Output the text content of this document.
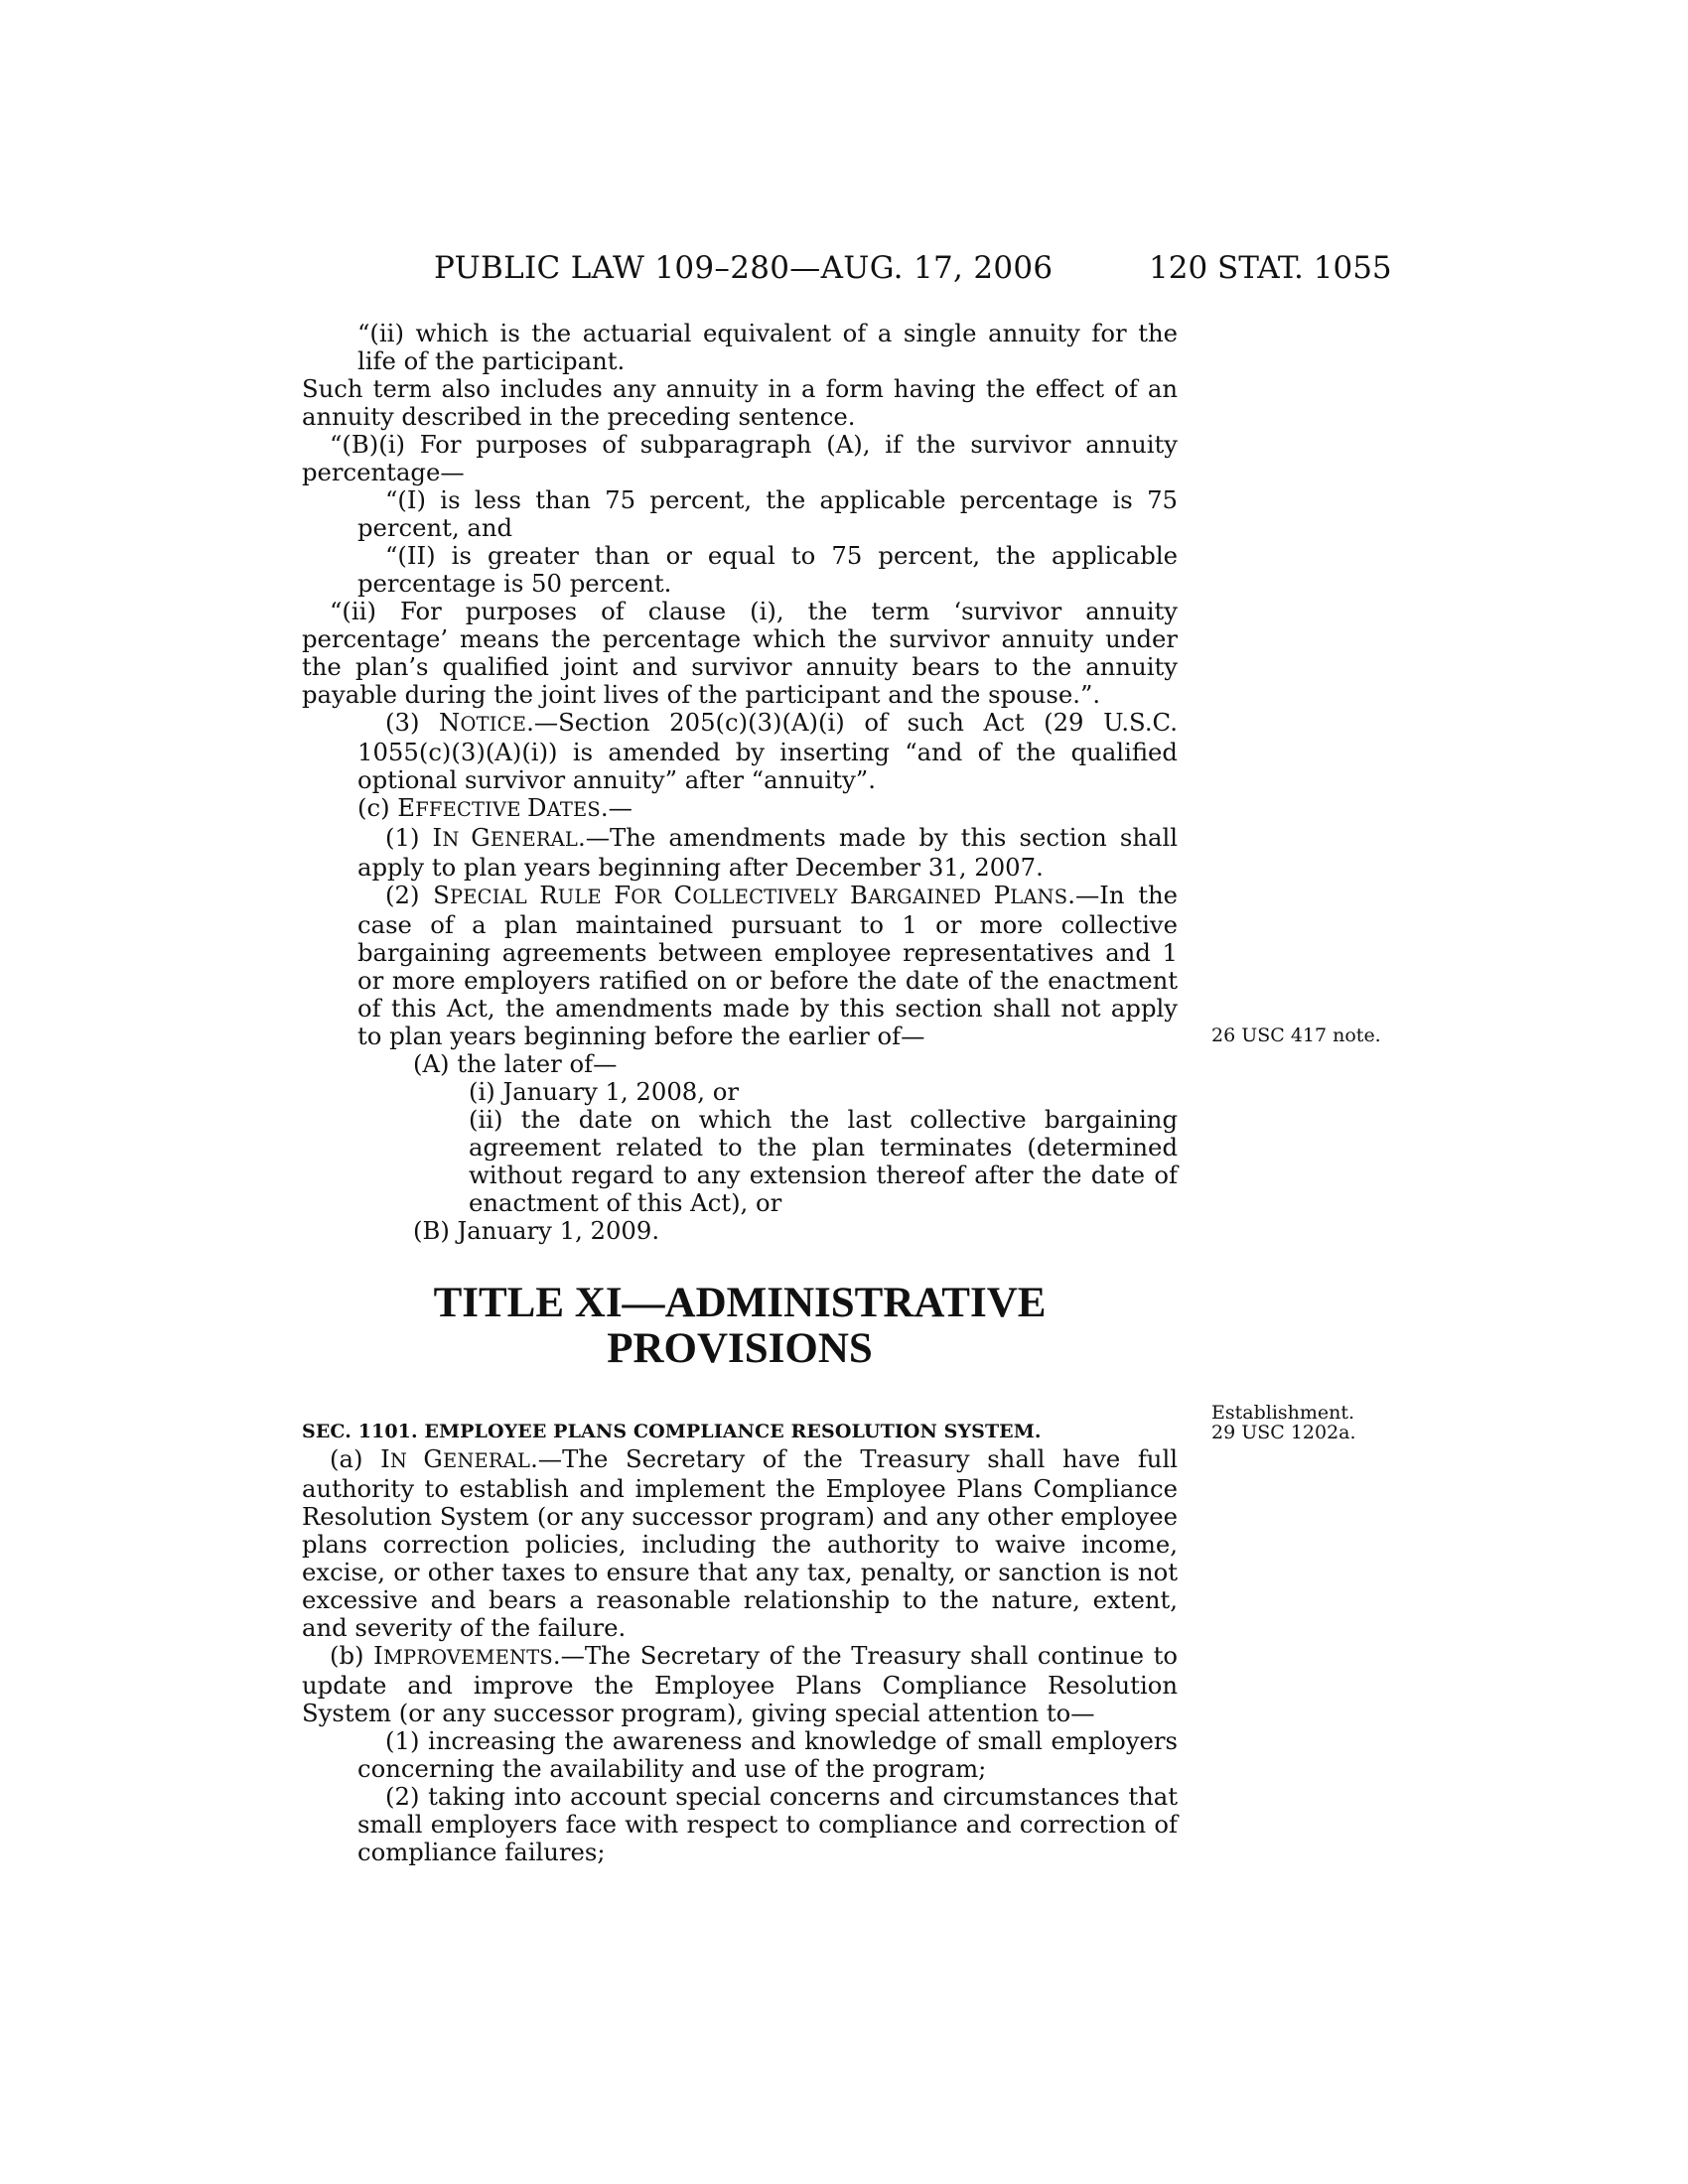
PUBLIC LAW 109–280—AUG. 17, 2006	120 STAT. 1055

“(ii) which is the actuarial equivalent of a single annuity for the life of the participant.

Such term also includes any annuity in a form having the effect of an annuity described in the preceding sentence.

“(B)(i) For purposes of subparagraph (A), if the survivor annuity percentage—

“(I) is less than 75 percent, the applicable percentage is 75 percent, and

“(II) is greater than or equal to 75 percent, the applicable percentage is 50 percent.

“(ii) For purposes of clause (i), the term ‘survivor annuity percentage’ means the percentage which the survivor annuity under the plan’s qualified joint and survivor annuity bears to the annuity payable during the joint lives of the participant and the spouse.”.

(3) NOTICE.—Section 205(c)(3)(A)(i) of such Act (29 U.S.C. 1055(c)(3)(A)(i)) is amended by inserting “and of the qualified optional survivor annuity” after “annuity”.

(c) EFFECTIVE DATES.—

(1) IN GENERAL.—The amendments made by this section shall apply to plan years beginning after December 31, 2007.

(2) SPECIAL RULE FOR COLLECTIVELY BARGAINED PLANS.—In the case of a plan maintained pursuant to 1 or more collective bargaining agreements between employee representatives and 1 or more employers ratified on or before the date of the enactment of this Act, the amendments made by this section shall not apply to plan years beginning before the earlier of—

(A) the later of—

(i) January 1, 2008, or

(ii) the date on which the last collective bargaining agreement related to the plan terminates (determined without regard to any extension thereof after the date of enactment of this Act), or

(B) January 1, 2009.

TITLE XI—ADMINISTRATIVE
PROVISIONS

SEC. 1101. EMPLOYEE PLANS COMPLIANCE RESOLUTION SYSTEM.

(a) IN GENERAL.—The Secretary of the Treasury shall have full authority to establish and implement the Employee Plans Compliance Resolution System (or any successor program) and any other employee plans correction policies, including the authority to waive income, excise, or other taxes to ensure that any tax, penalty, or sanction is not excessive and bears a reasonable relationship to the nature, extent, and severity of the failure.

(b) IMPROVEMENTS.—The Secretary of the Treasury shall continue to update and improve the Employee Plans Compliance Resolution System (or any successor program), giving special attention to—

(1) increasing the awareness and knowledge of small employers concerning the availability and use of the program;

(2) taking into account special concerns and circumstances that small employers face with respect to compliance and correction of compliance failures;

26 USC 417 note.
Establishment.
29 USC 1202a.
